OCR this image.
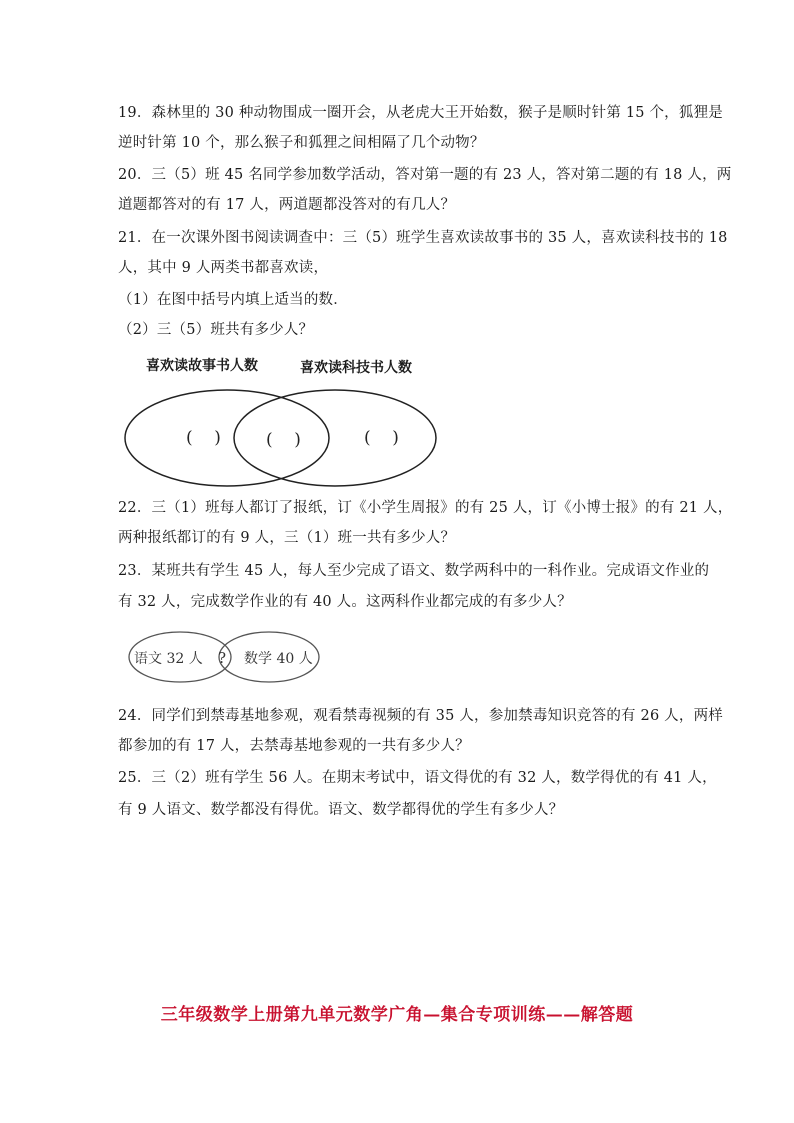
19．森林里的 30 种动物围成一圈开会，从老虎大王开始数，猴子是顺时针第 15 个，狐狸是
逆时针第 10 个，那么猴子和狐狸之间相隔了几个动物？
20．三（5）班 45 名同学参加数学活动，答对第一题的有 23 人，答对第二题的有 18 人，两
道题都答对的有 17 人，两道题都没答对的有几人？
21．在一次课外图书阅读调查中：三（5）班学生喜欢读故事书的 35 人，喜欢读科技书的 18
人，其中 9 人两类书都喜欢读，
（1）在图中括号内填上适当的数．
（2）三（5）班共有多少人？
喜欢读故事书人数	喜欢读科技书人数
(    )	(    )	(    )
22．三（1）班每人都订了报纸，订《小学生周报》的有 25 人，订《小博士报》的有 21 人，
两种报纸都订的有 9 人，三（1）班一共有多少人？
23．某班共有学生 45 人，每人至少完成了语文、数学两科中的一科作业。完成语文作业的
有 32 人，完成数学作业的有 40 人。这两科作业都完成的有多少人？
语文 32 人 ? 数学 40 人
24．同学们到禁毒基地参观，观看禁毒视频的有 35 人，参加禁毒知识竞答的有 26 人，两样
都参加的有 17 人，去禁毒基地参观的一共有多少人？
25．三（2）班有学生 56 人。在期末考试中，语文得优的有 32 人，数学得优的有 41 人，
有 9 人语文、数学都没有得优。语文、数学都得优的学生有多少人？
三年级数学上册第九单元数学广角—集合专项训练——解答题
